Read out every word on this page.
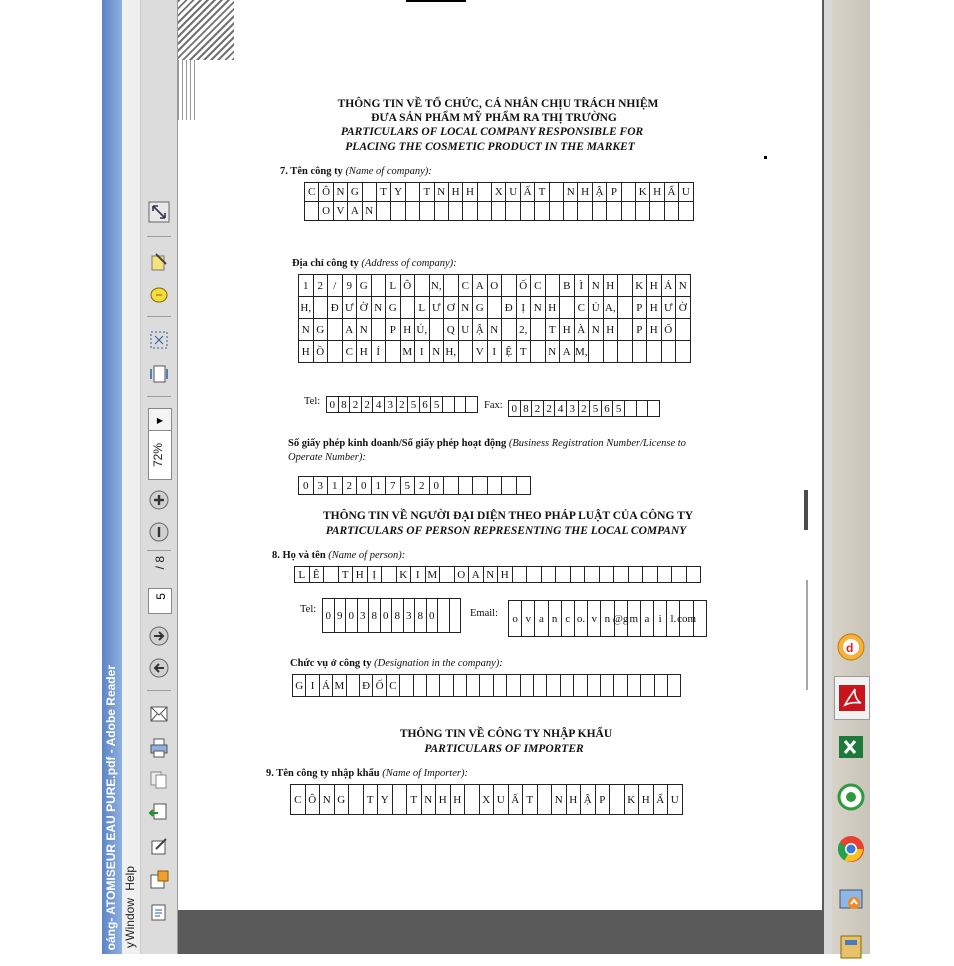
oáng- ATOMISEUR EAU PURE.pdf - Adobe Reader Help
Window
y
▶
72%
/ 8
5
THÔNG TIN VỀ TỔ CHỨC, CÁ NHÂN CHỊU TRÁCH NHIỆM
ĐƯA SẢN PHẨM MỸ PHẨM RA THỊ TRƯỜNG
PARTICULARS OF LOCAL COMPANY RESPONSIBLE FOR
PLACING THE COSMETIC PRODUCT IN THE MARKET
7. Tên công ty (Name of company):
C Ô N G	T Y	T N H H	X U Ấ T	N H Ậ P	K H Ẩ U
O V A N
Địa chỉ công ty (Address of company):
1 2 / 9 G	L Ô	N, C A O	Ố C	B Ì N H	K H Á N
H, Đ Ư Ờ N G	L Ư Ơ N G	Đ Ị N H	C Ủ A,	P H Ư Ờ
N G	A N	P H Ú, Q U Ậ N	2,	T H À N H	P H Ố
H Ồ	C H Í	M I N H, V I Ệ T	N A M,
Tel: 0 8 2 2 4 3 2 5 6 5	Fax: 0 8 2 2 4 3 2 5 6 5
Số giấy phép kinh doanh/Số giấy phép hoạt động (Business Registration Number/License to
Operate Number):
0 3 1 2 0 1 7 5 2 0
THÔNG TIN VỀ NGƯỜI ĐẠI DIỆN THEO PHÁP LUẬT CỦA CÔNG TY
PARTICULARS OF PERSON REPRESENTING THE LOCAL COMPANY
8. Họ và tên (Name of person):
L Ê	T H Ị	K I M O A N H
Tel: 0 9 0 3 8 0 8 3 8 0	Email:	o v a n c o. v n @g m a i l. com
Chức vụ ở công ty (Designation in the company):
G I Á M Đ Ố C
THÔNG TIN VỀ CÔNG TY NHẬP KHẨU
PARTICULARS OF IMPORTER
9. Tên công ty nhập khẩu (Name of Importer):
C Ô N G	T Y	T N H H	X U Ấ T	N H Ậ P	K H Ẩ U
d
